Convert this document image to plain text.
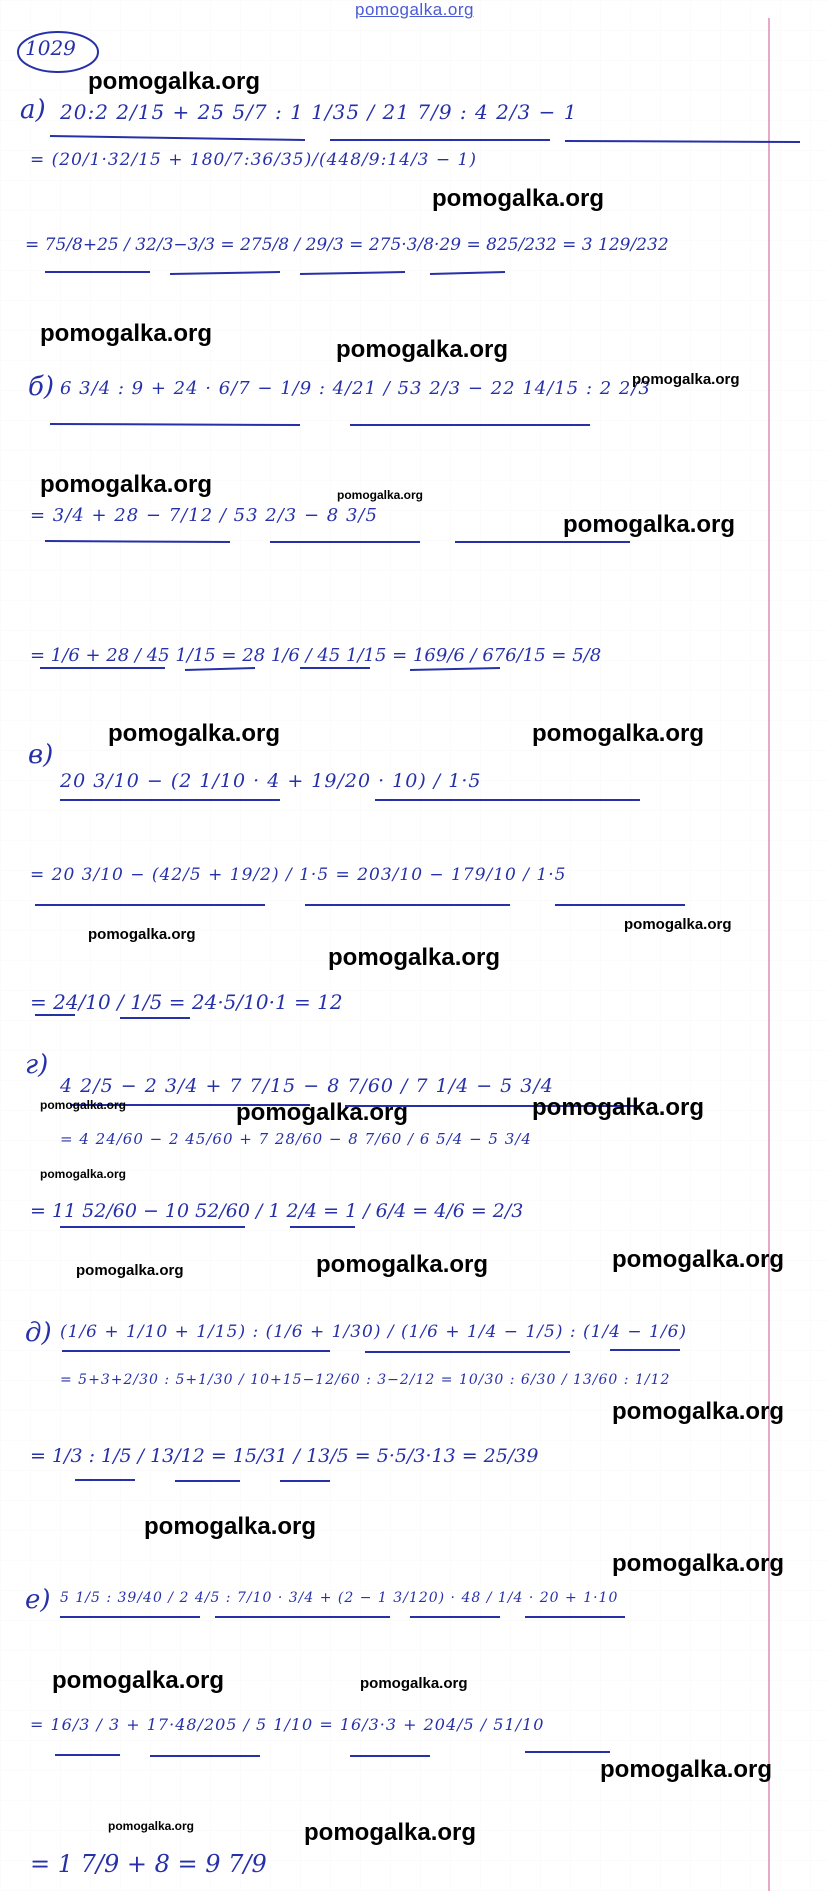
pomogalka.org
1029
а) 20:2 2/15 + 25 5/7 : 1 1/35 / 21 7/9 : 4 2/3 − 1
= (20/1·32/15 + 180/7:36/35)/(448/9:14/3 − 1)
= 75/8+25 / 32/3−3/3 = 275/8 / 29/3 = 275·3/8·29 = 825/232 = 3 129/232
б) 6 3/4 : 9 + 24 · 6/7 − 1/9 : 4/21 / 53 2/3 − 22 14/15 : 2 2/3
= 3/4 + 28 − 7/12 / 53 2/3 − 8 3/5
= 1/6 + 28 / 45 1/15 = 28 1/6 / 45 1/15 = 169/6 / 676/15 = 5/8
в)
20 3/10 − (2 1/10 · 4 + 19/20 · 10) / 1·5
= 20 3/10 − (42/5 + 19/2) / 1·5 = 203/10 − 179/10 / 1·5
= 24/10 / 1/5 = 24·5/10·1 = 12
г)
4 2/5 − 2 3/4 + 7 7/15 − 8 7/60 / 7 1/4 − 5 3/4
= 4 24/60 − 2 45/60 + 7 28/60 − 8 7/60 / 6 5/4 − 5 3/4
= 11 52/60 − 10 52/60 / 1 2/4 = 1 / 6/4 = 4/6 = 2/3
д) (1/6 + 1/10 + 1/15) : (1/6 + 1/30) / (1/6 + 1/4 − 1/5) : (1/4 − 1/6)
= 5+3+2/30 : 5+1/30 / 10+15−12/60 : 3−2/12 = 10/30 : 6/30 / 13/60 : 1/12
= 1/3 : 1/5 / 13/12 = 15/31 / 13/5 = 5·5/3·13 = 25/39
е) 5 1/5 : 39/40 / 2 4/5 : 7/10 · 3/4 + (2 − 1 3/120) · 48 / 1/4 · 20 + 1·10
= 16/3 / 3 + 17·48/205 / 5 1/10 = 16/3·3 + 204/5 / 51/10
= 1 7/9 + 8 = 9 7/9
pomogalka.org
pomogalka.org
pomogalka.org
pomogalka.org
pomogalka.org
pomogalka.org	pomogalka.org
pomogalka.org
pomogalka.org	pomogalka.org
pomogalka.org
pomogalka.org
pomogalka.org
pomogalka.org	pomogalka.org	pomogalka.org
pomogalka.org
pomogalka.org	pomogalka.org	pomogalka.org
pomogalka.org
pomogalka.org
pomogalka.org
pomogalka.org	pomogalka.org
pomogalka.org
pomogalka.org	pomogalka.org
